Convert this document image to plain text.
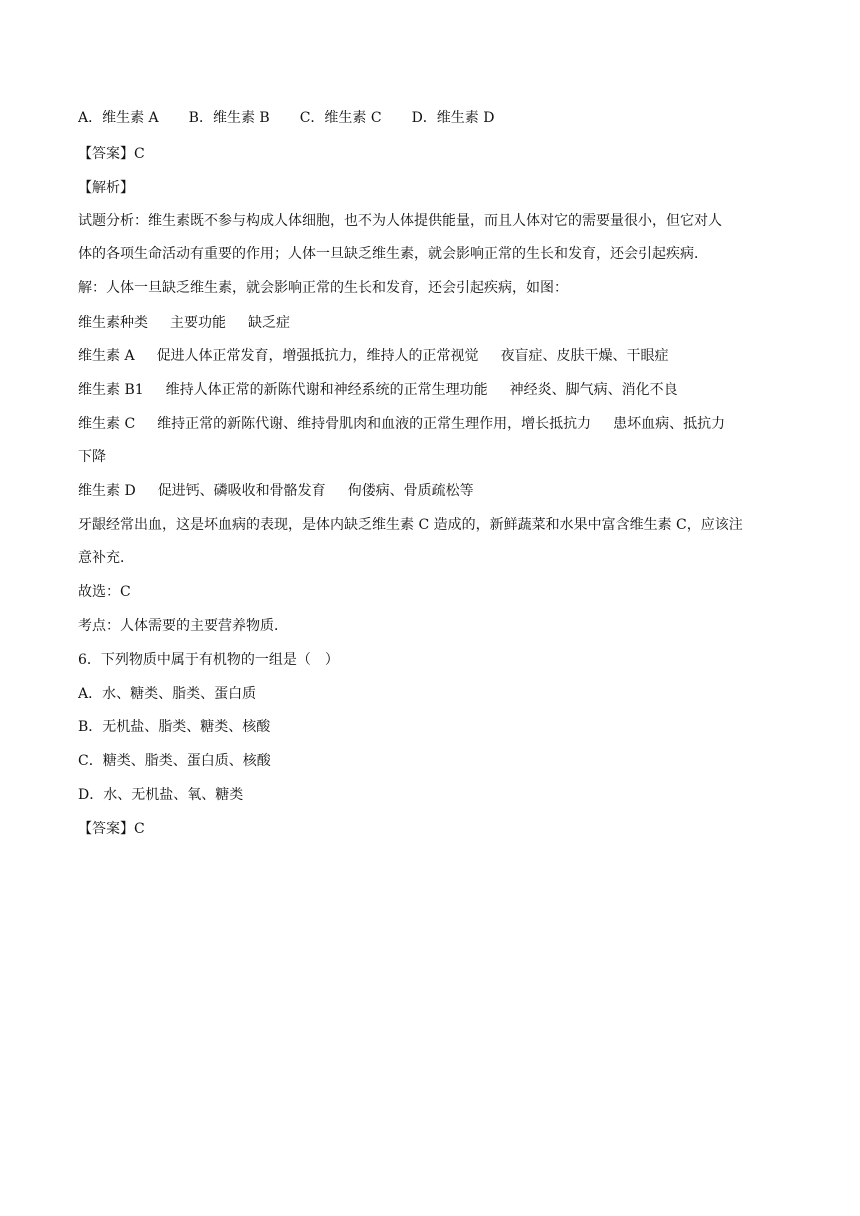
A．维生素 A B．维生素 B C．维生素 C D．维生素 D
【答案】C
【解析】
试题分析：维生素既不参与构成人体细胞，也不为人体提供能量，而且人体对它的需要量很小，但它对人
体的各项生命活动有重要的作用；人体一旦缺乏维生素，就会影响正常的生长和发育，还会引起疾病．
解：人体一旦缺乏维生素，就会影响正常的生长和发育，还会引起疾病，如图：
维生素种类 主要功能 缺乏症
维生素 A 促进人体正常发育，增强抵抗力，维持人的正常视觉 夜盲症、皮肤干燥、干眼症
维生素 B1 维持人体正常的新陈代谢和神经系统的正常生理功能 神经炎、脚气病、消化不良
维生素 C 维持正常的新陈代谢、维持骨肌肉和血液的正常生理作用，增长抵抗力 患坏血病、抵抗力
下降
维生素 D 促进钙、磷吸收和骨骼发育 佝偻病、骨质疏松等
牙龈经常出血，这是坏血病的表现，是体内缺乏维生素 C 造成的，新鲜蔬菜和水果中富含维生素 C，应该注
意补充．
故选：C
考点：人体需要的主要营养物质．
6．下列物质中属于有机物的一组是（　）
A．水、糖类、脂类、蛋白质
B．无机盐、脂类、糖类、核酸
C．糖类、脂类、蛋白质、核酸
D．水、无机盐、氧、糖类
【答案】C
